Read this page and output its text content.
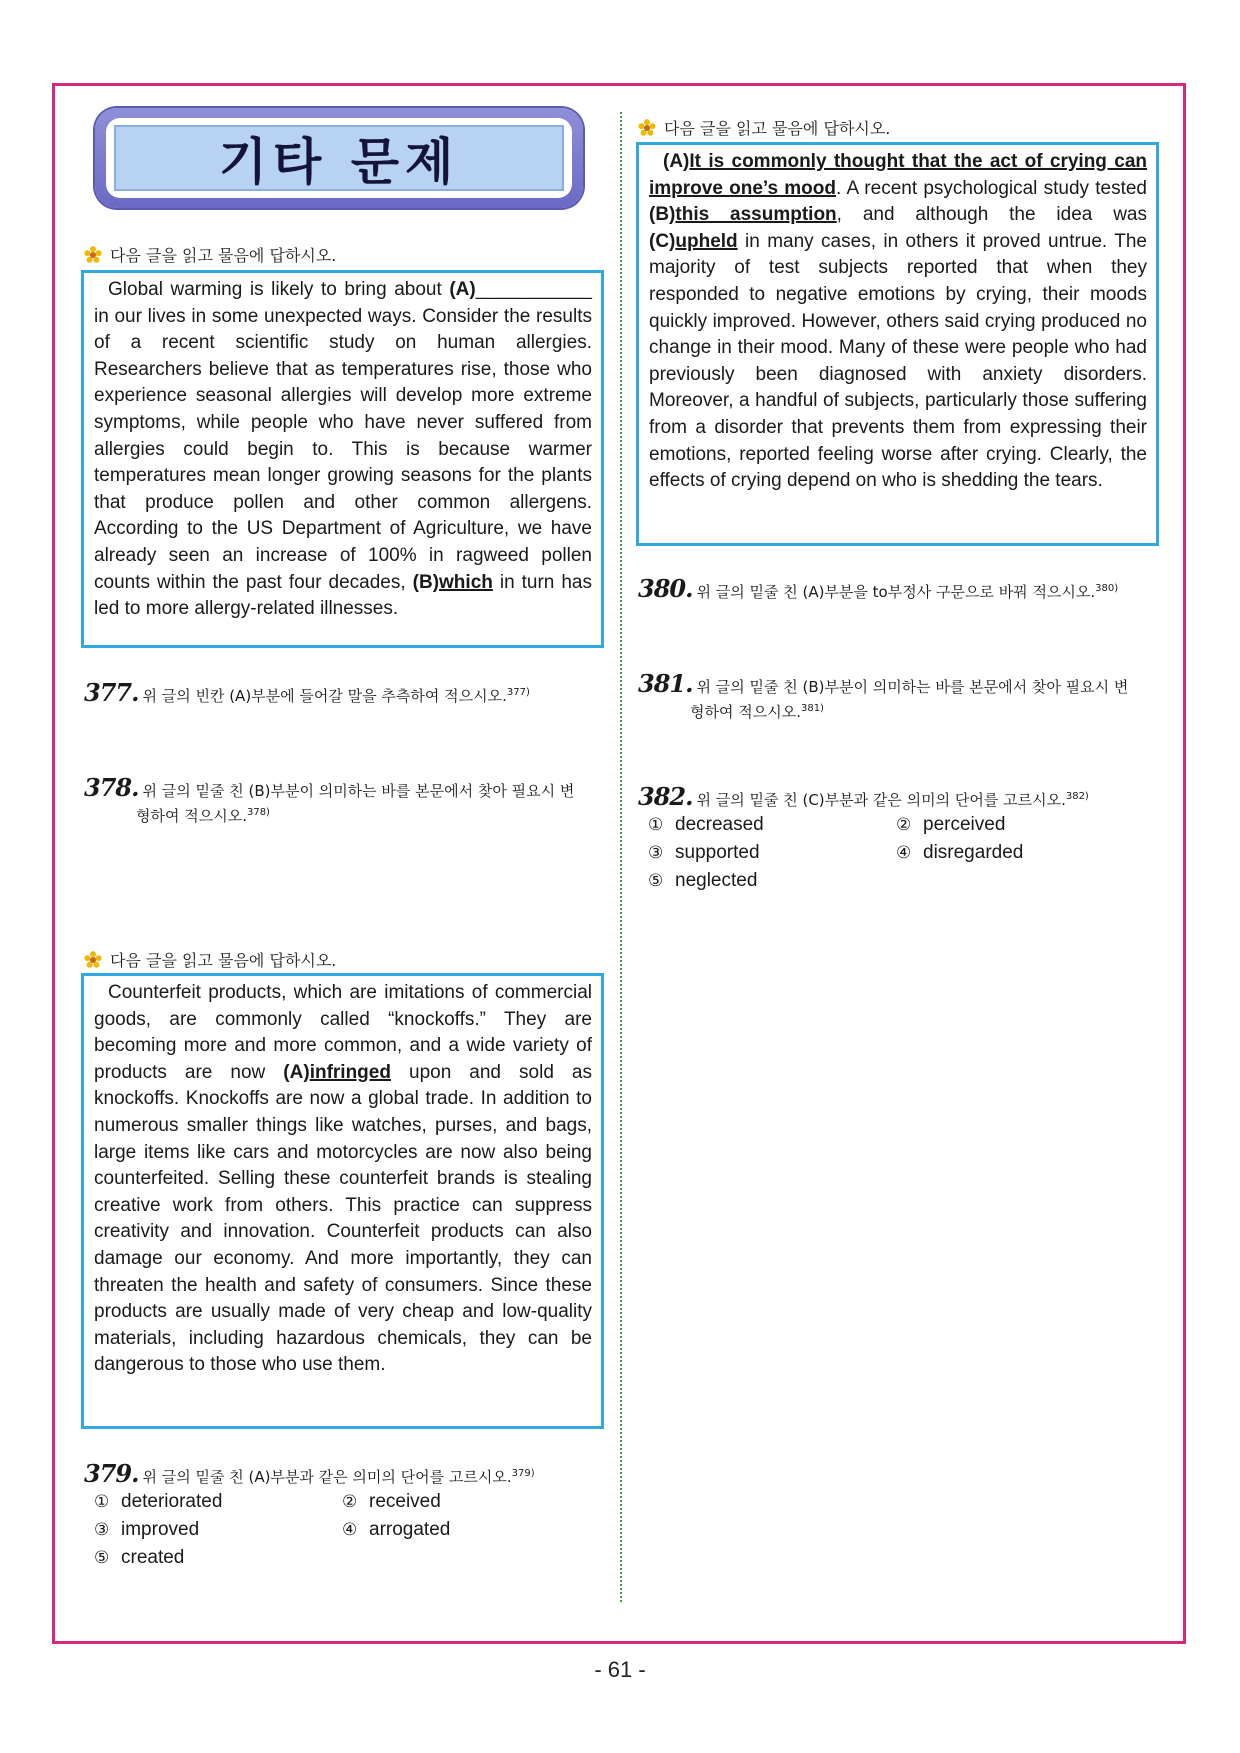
기타 문제
다음 글을 읽고 물음에 답하시오.

Global warming is likely to bring about (A)___________ in our lives in some unexpected ways. Consider the results of a recent scientific study on human allergies. Researchers believe that as temperatures rise, those who experience seasonal allergies will develop more extreme symptoms, while people who have never suffered from allergies could begin to. This is because warmer temperatures mean longer growing seasons for the plants that produce pollen and other common allergens. According to the US Department of Agriculture, we have already seen an increase of 100% in ragweed pollen counts within the past four decades, (B)which in turn has led to more allergy-related illnesses.

377. 위 글의 빈칸 (A)부분에 들어갈 말을 추측하여 적으시오.$^{377)}$
378. 위 글의 밑줄 친 (B)부분이 의미하는 바를 본문에서 찾아 필요시 변
형하여 적으시오.$^{378)}$
다음 글을 읽고 물음에 답하시오.

Counterfeit products, which are imitations of commercial goods, are commonly called “knockoffs.” They are becoming more and more common, and a wide variety of products are now (A)infringed upon and sold as knockoffs. Knockoffs are now a global trade. In addition to numerous smaller things like watches, purses, and bags, large items like cars and motorcycles are now also being counterfeited. Selling these counterfeit brands is stealing creative work from others. This practice can suppress creativity and innovation. Counterfeit products can also damage our economy. And more importantly, they can threaten the health and safety of consumers. Since these products are usually made of very cheap and low-quality materials, including hazardous chemicals, they can be dangerous to those who use them.

379. 위 글의 밑줄 친 (A)부분과 같은 의미의 단어를 고르시오.$^{379)}$
① deteriorated	② received
③ improved	④ arrogated
⑤ created
다음 글을 읽고 물음에 답하시오.

(A)It is commonly thought that the act of crying can improve one’s mood. A recent psychological study tested (B)this assumption, and although the idea was (C)upheld in many cases, in others it proved untrue. The majority of test subjects reported that when they responded to negative emotions by crying, their moods quickly improved. However, others said crying produced no change in their mood. Many of these were people who had previously been diagnosed with anxiety disorders. Moreover, a handful of subjects, particularly those suffering from a disorder that prevents them from expressing their emotions, reported feeling worse after crying. Clearly, the effects of crying depend on who is shedding the tears.

380. 위 글의 밑줄 친 (A)부분을 to부정사 구문으로 바꿔 적으시오.$^{380)}$
381. 위 글의 밑줄 친 (B)부분이 의미하는 바를 본문에서 찾아 필요시 변
형하여 적으시오.$^{381)}$
382. 위 글의 밑줄 친 (C)부분과 같은 의미의 단어를 고르시오.$^{382)}$
① decreased	② perceived
③ supported	④ disregarded
⑤ neglected
- 61 -
